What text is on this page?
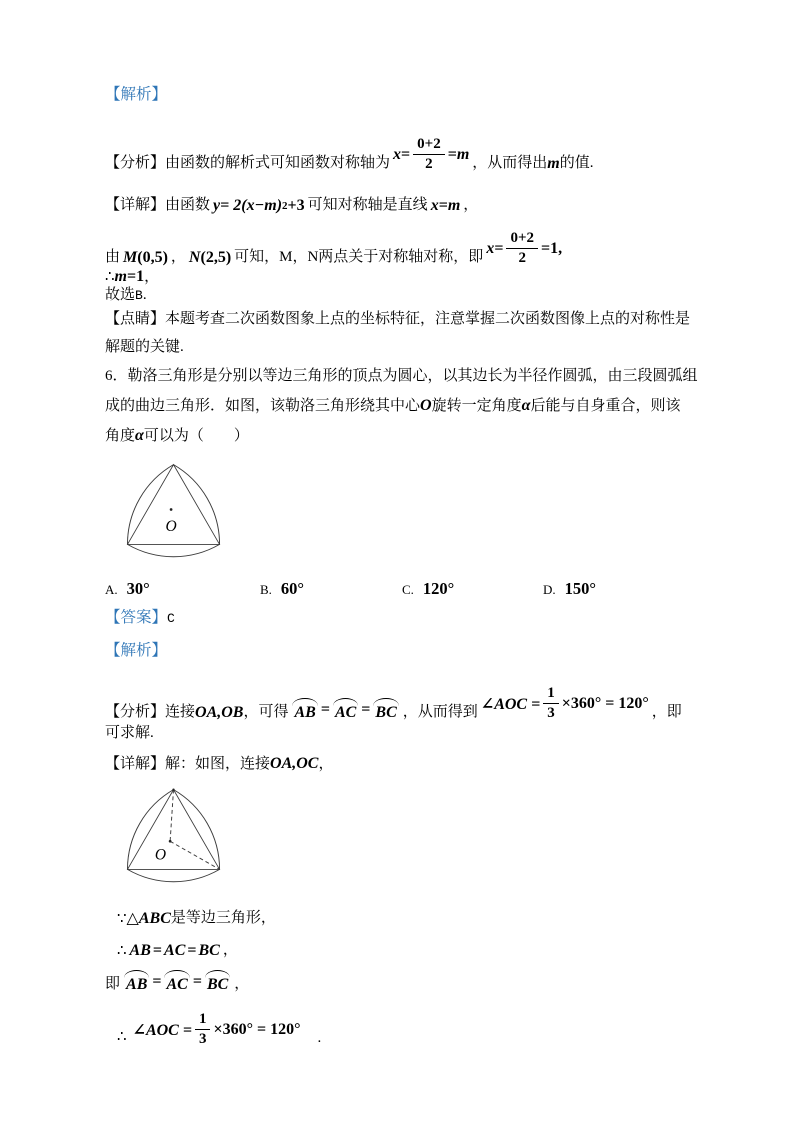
【解析】
【分析】由函数的解析式可知函数对称轴为
$x = \frac{0+2}{2} = m$
，从而得出 m 的值.
【详解】由函数 y = 2(x−m) 2 +3 可知对称轴是直线 x = m ，
由 M (0,5) ， N (2,5) 可知，M，N两点关于对称轴对称，即
$x = \frac{0+2}{2} = 1$,
∴m=1，
故选B.
【点睛】本题考查二次函数图象上点的坐标特征，注意掌握二次函数图像上点的对称性是
解题的关键.
6．勒洛三角形是分别以等边三角形的顶点为圆心，以其边长为半径作圆弧，由三段圆弧组
成的曲边三角形．如图，该勒洛三角形绕其中心O旋转一定角度α后能与自身重合，则该
角度α可以为（　　）
O
A. 30°	B. 60°	C. 120°	D. 150°
【答案】C
【解析】
【分析】连接 OA,OB ，可得 AB = AC = BC ，从而得到 ∠AOC = $\frac{1}{3} \times 360^\circ = 120^\circ$
，即
可求解.
【详解】解：如图，连接OA,OC，
O
∵ △ABC 是等边三角形，
∴ AB = AC = BC ，
即 AB = AC = BC ，
∴ ∠AOC = $\frac{1}{3} \times 360^\circ = 120^\circ$
.
